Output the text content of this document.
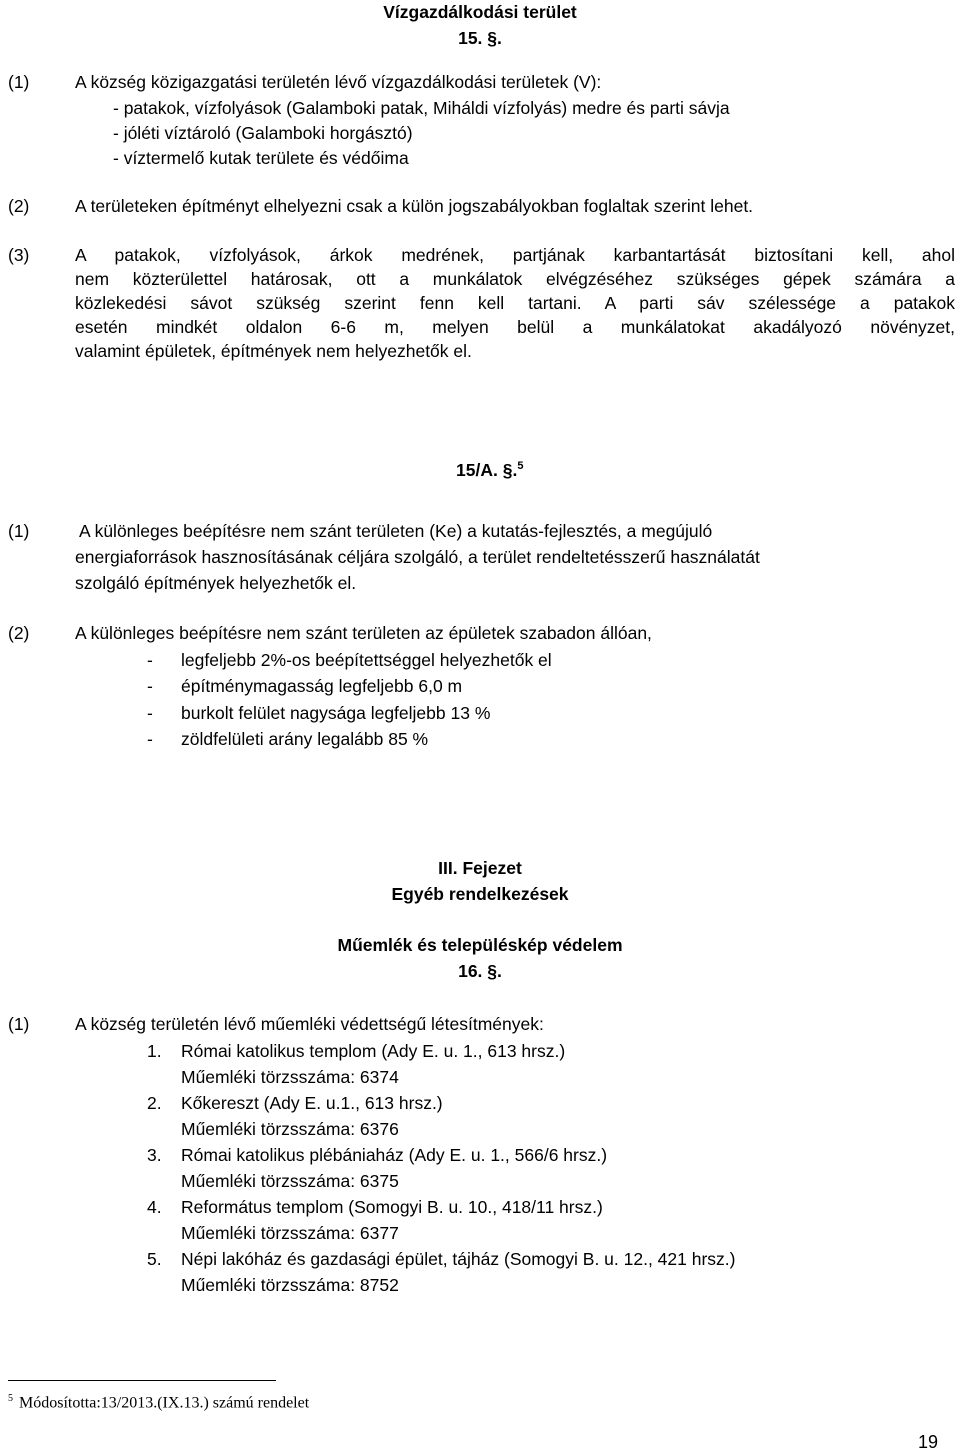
Vízgazdálkodási terület
15. §.
(1)	A község közigazgatási területén lévő vízgazdálkodási területek (V):
- patakok, vízfolyások (Galamboki patak, Miháldi vízfolyás) medre és parti sávja
- jóléti víztároló (Galamboki horgásztó)
- víztermelő kutak területe és védőima
(2)	A területeken építményt elhelyezni csak a külön jogszabályokban foglaltak szerint lehet.
(3)	A patakok, vízfolyások, árkok medrének, partjának karbantartását biztosítani kell, ahol
nem közterülettel határosak, ott a munkálatok elvégzéséhez szükséges gépek számára a
közlekedési sávot szükség szerint fenn kell tartani. A parti sáv szélessége a patakok
esetén mindkét oldalon 6-6 m, melyen belül a munkálatokat akadályozó növényzet,
valamint épületek, építmények nem helyezhetők el.

15/A. §.$^5$

(1)	A különleges beépítésre nem szánt területen (Ke) a kutatás-fejlesztés, a megújuló
energiaforrások hasznosításának céljára szolgáló, a terület rendeltetésszerű használatát
szolgáló építmények helyezhetők el.
(2)	A különleges beépítésre nem szánt területen az épületek szabadon állóan,
- legfeljebb 2%-os beépítettséggel helyezhetők el
- építménymagasság legfeljebb 6,0 m
- burkolt felület nagysága legfeljebb 13 %
- zöldfelületi arány legalább 85 %
III. Fejezet
Egyéb rendelkezések
Műemlék és településkép védelem
16. §.
(1)	A község területén lévő műemléki védettségű létesítmények:
1. Római katolikus templom (Ady E. u. 1., 613 hrsz.)
Műemléki törzsszáma: 6374
2. Kőkereszt (Ady E. u.1., 613 hrsz.)
Műemléki törzsszáma: 6376
3. Római katolikus plébániaház (Ady E. u. 1., 566/6 hrsz.)
Műemléki törzsszáma: 6375
4. Református templom (Somogyi B. u. 10., 418/11 hrsz.)
Műemléki törzsszáma: 6377
5. Népi lakóház és gazdasági épület, tájház (Somogyi B. u. 12., 421 hrsz.)
Műemléki törzsszáma: 8752
$^5$ Módosította:13/2013.(IX.13.) számú rendelet
19
